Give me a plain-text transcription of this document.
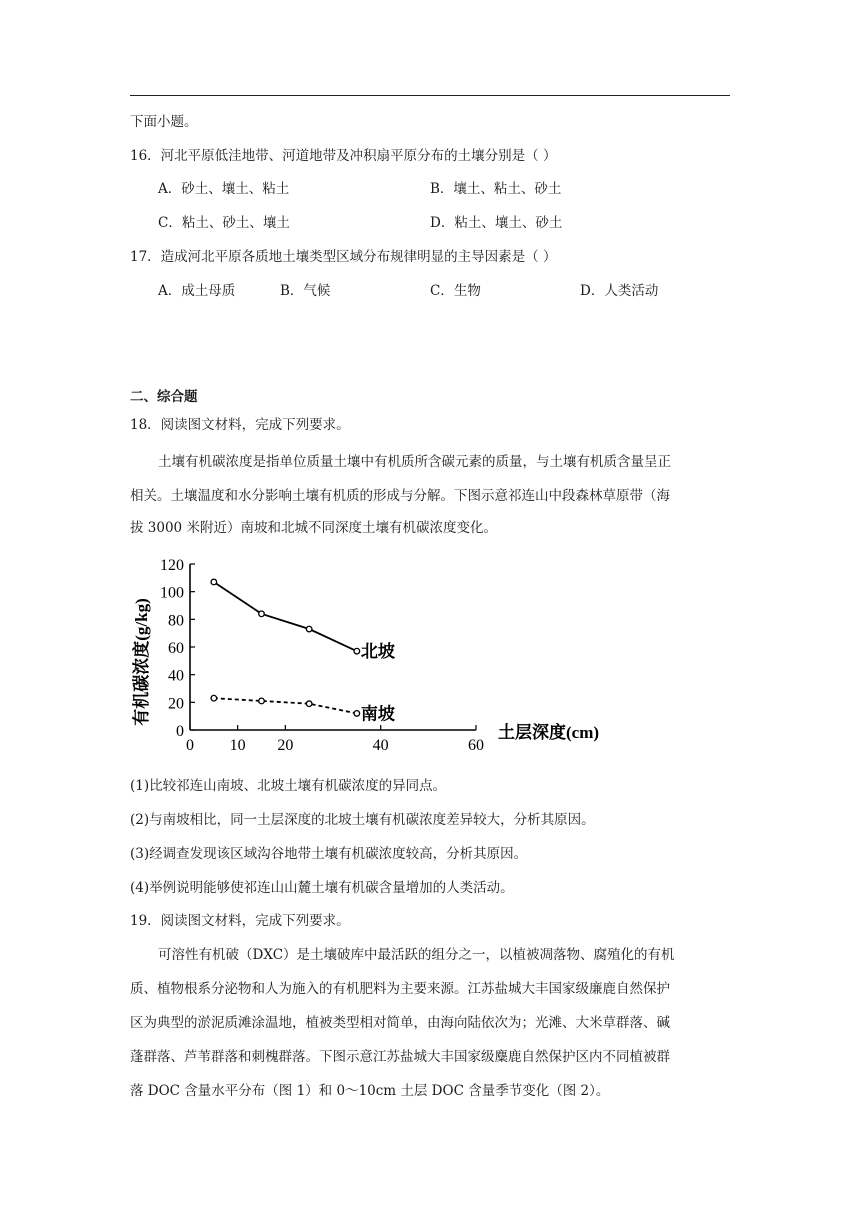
下面小题。
16．河北平原低洼地带、河道地带及冲积扇平原分布的土壤分别是（ ）
A．砂土、壤土、粘土	B．壤土、粘土、砂土
C．粘土、砂土、壤土	D．粘土、壤土、砂土
17．造成河北平原各质地土壤类型区域分布规律明显的主导因素是（ ）
A．成土母质	B．气候	C．生物	D．人类活动
二、综合题
18．阅读图文材料，完成下列要求。
土壤有机碳浓度是指单位质量土壤中有机质所含碳元素的质量，与土壤有机质含量呈正
相关。土壤温度和水分影响土壤有机质的形成与分解。下图示意祁连山中段森林草原带（海
拔 3000 米附近）南坡和北城不同深度土壤有机碳浓度变化。
0
20
40
60
80
100
120
0 10 20	40	60
北坡
南坡
有机碳浓度(g/kg)
土层深度(cm)
(1)比较祁连山南坡、北坡土壤有机碳浓度的异同点。
(2)与南坡相比，同一土层深度的北坡土壤有机碳浓度差异较大，分析其原因。
(3)经调查发现该区域沟谷地带土壤有机碳浓度较高，分析其原因。
(4)举例说明能够使祁连山山麓土壤有机碳含量增加的人类活动。
19．阅读图文材料，完成下列要求。
可溶性有机破（DXC）是土壤破库中最活跃的组分之一，以植被凋落物、腐殖化的有机
质、植物根系分泌物和人为施入的有机肥料为主要来源。江苏盐城大丰国家级廉鹿自然保护
区为典型的淤泥质滩涂温地，植被类型相对简单，由海向陆依次为；光滩、大米草群落、碱
蓬群落、芦苇群落和刺槐群落。下图示意江苏盐城大丰国家级麋鹿自然保护区内不同植被群
落 DOC 含量水平分布（图 1）和 0～10cm 土层 DOC 含量季节变化（图 2）。
